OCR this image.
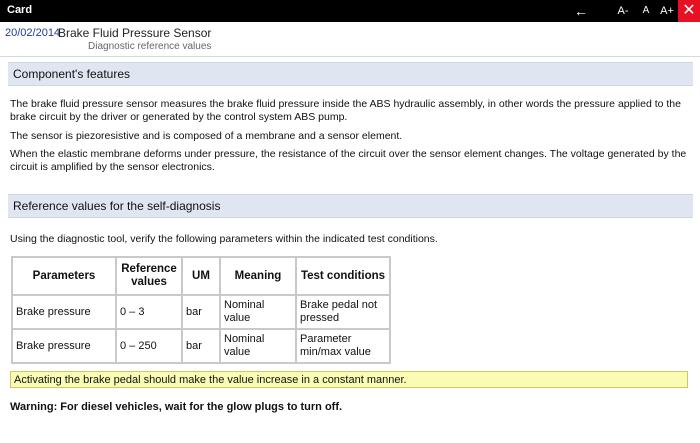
Card	←	A-	A A+ ✕
20/02/2014
Brake Fluid Pressure Sensor
Diagnostic reference values
Component's features

The brake fluid pressure sensor measures the brake fluid pressure inside the ABS hydraulic assembly, in other words the pressure applied to the brake circuit by the driver or generated by the control system ABS pump.

The sensor is piezoresistive and is composed of a membrane and a sensor element.

When the elastic membrane deforms under pressure, the resistance of the circuit over the sensor element changes. The voltage generated by the circuit is amplified by the sensor electronics.

Reference values for the self-diagnosis

Using the diagnostic tool, verify the following parameters within the indicated test conditions.

Parameters	Reference values	UM	Meaning	Test conditions
Brake pressure	0 – 3	bar	Nominal value	Brake pedal not pressed
Brake pressure	0 – 250	bar	Nominal value	Parameter min/max value
Activating the brake pedal should make the value increase in a constant manner.
Warning: For diesel vehicles, wait for the glow plugs to turn off.
